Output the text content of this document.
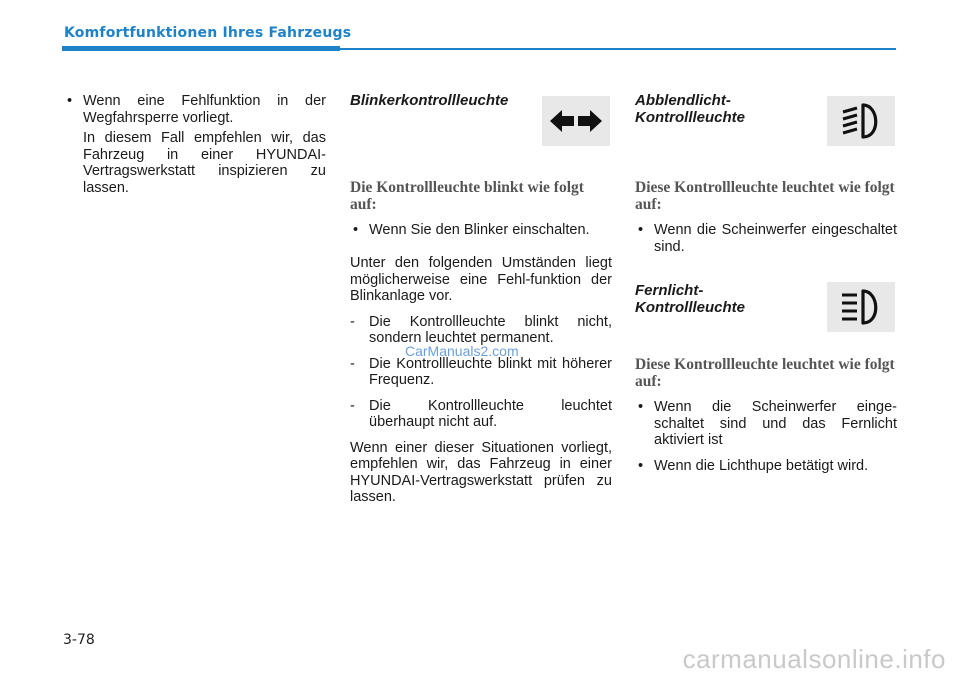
Komfortfunktionen Ihres Fahrzeugs

• Wenn eine Fehlfunktion in der Wegfahrsperre vorliegt.

In diesem Fall empfehlen wir, das Fahrzeug in einer HYUNDAI-Vertragswerkstatt inspizieren zu lassen.

Blinkerkontrollleuchte

Die Kontrollleuchte blinkt wie folgt auf:

• Wenn Sie den Blinker einschalten.

Unter den folgenden Umständen liegt möglicherweise eine Fehl-funktion der Blinkanlage vor.

- Die Kontrollleuchte blinkt nicht, sondern leuchtet permanent.
- Die Kontrollleuchte blinkt mit höherer Frequenz.
- Die Kontrollleuchte leuchtet überhaupt nicht auf.

Wenn einer dieser Situationen vorliegt, empfehlen wir, das Fahrzeug in einer HYUNDAI-Vertragswerkstatt prüfen zu lassen.

Abblendlicht-
Kontrollleuchte

Diese Kontrollleuchte leuchtet wie folgt auf:

• Wenn die Scheinwerfer eingeschaltet sind.

Fernlicht-
Kontrollleuchte

Diese Kontrollleuchte leuchtet wie folgt auf:

• Wenn die Scheinwerfer einge-schaltet sind und das Fernlicht aktiviert ist

• Wenn die Lichthupe betätigt wird.

CarManuals2.com
3-78
carmanualsonline.info
